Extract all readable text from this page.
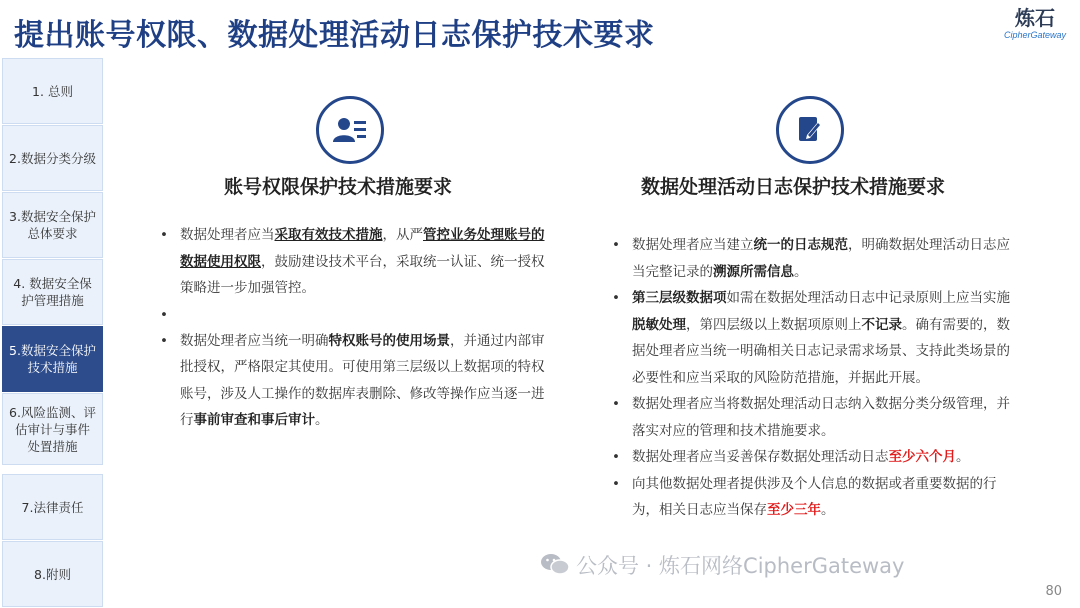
提出账号权限、数据处理活动日志保护技术要求	炼石
CipherGateway
1. 总则
2.数据分类分级
3.数据安全保护总体要求
4. 数据安全保护管理措施
5.数据安全保护技术措施
6.风险监测、评估审计与事件处置措施
7.法律责任
8.附则
账号权限保护技术措施要求
• 数据处理者应当采取有效技术措施，从严管控业务处理账号的数据使用权限，鼓励建设技术平台，采取统一认证、统一授权策略进一步加强管控。
•
• 数据处理者应当统一明确特权账号的使用场景，并通过内部审批授权，严格限定其使用。可使用第三层级以上数据项的特权账号，涉及人工操作的数据库表删除、修改等操作应当逐一进行事前审查和事后审计。
数据处理活动日志保护技术措施要求
• 数据处理者应当建立统一的日志规范，明确数据处理活动日志应当完整记录的溯源所需信息。
• 第三层级数据项如需在数据处理活动日志中记录原则上应当实施脱敏处理，第四层级以上数据项原则上不记录。确有需要的，数据处理者应当统一明确相关日志记录需求场景、支持此类场景的必要性和应当采取的风险防范措施，并据此开展。
• 数据处理者应当将数据处理活动日志纳入数据分类分级管理，并落实对应的管理和技术措施要求。
• 数据处理者应当妥善保存数据处理活动日志至少六个月。
• 向其他数据处理者提供涉及个人信息的数据或者重要数据的行为，相关日志应当保存至少三年。
公众号 · 炼石网络CipherGateway
80
